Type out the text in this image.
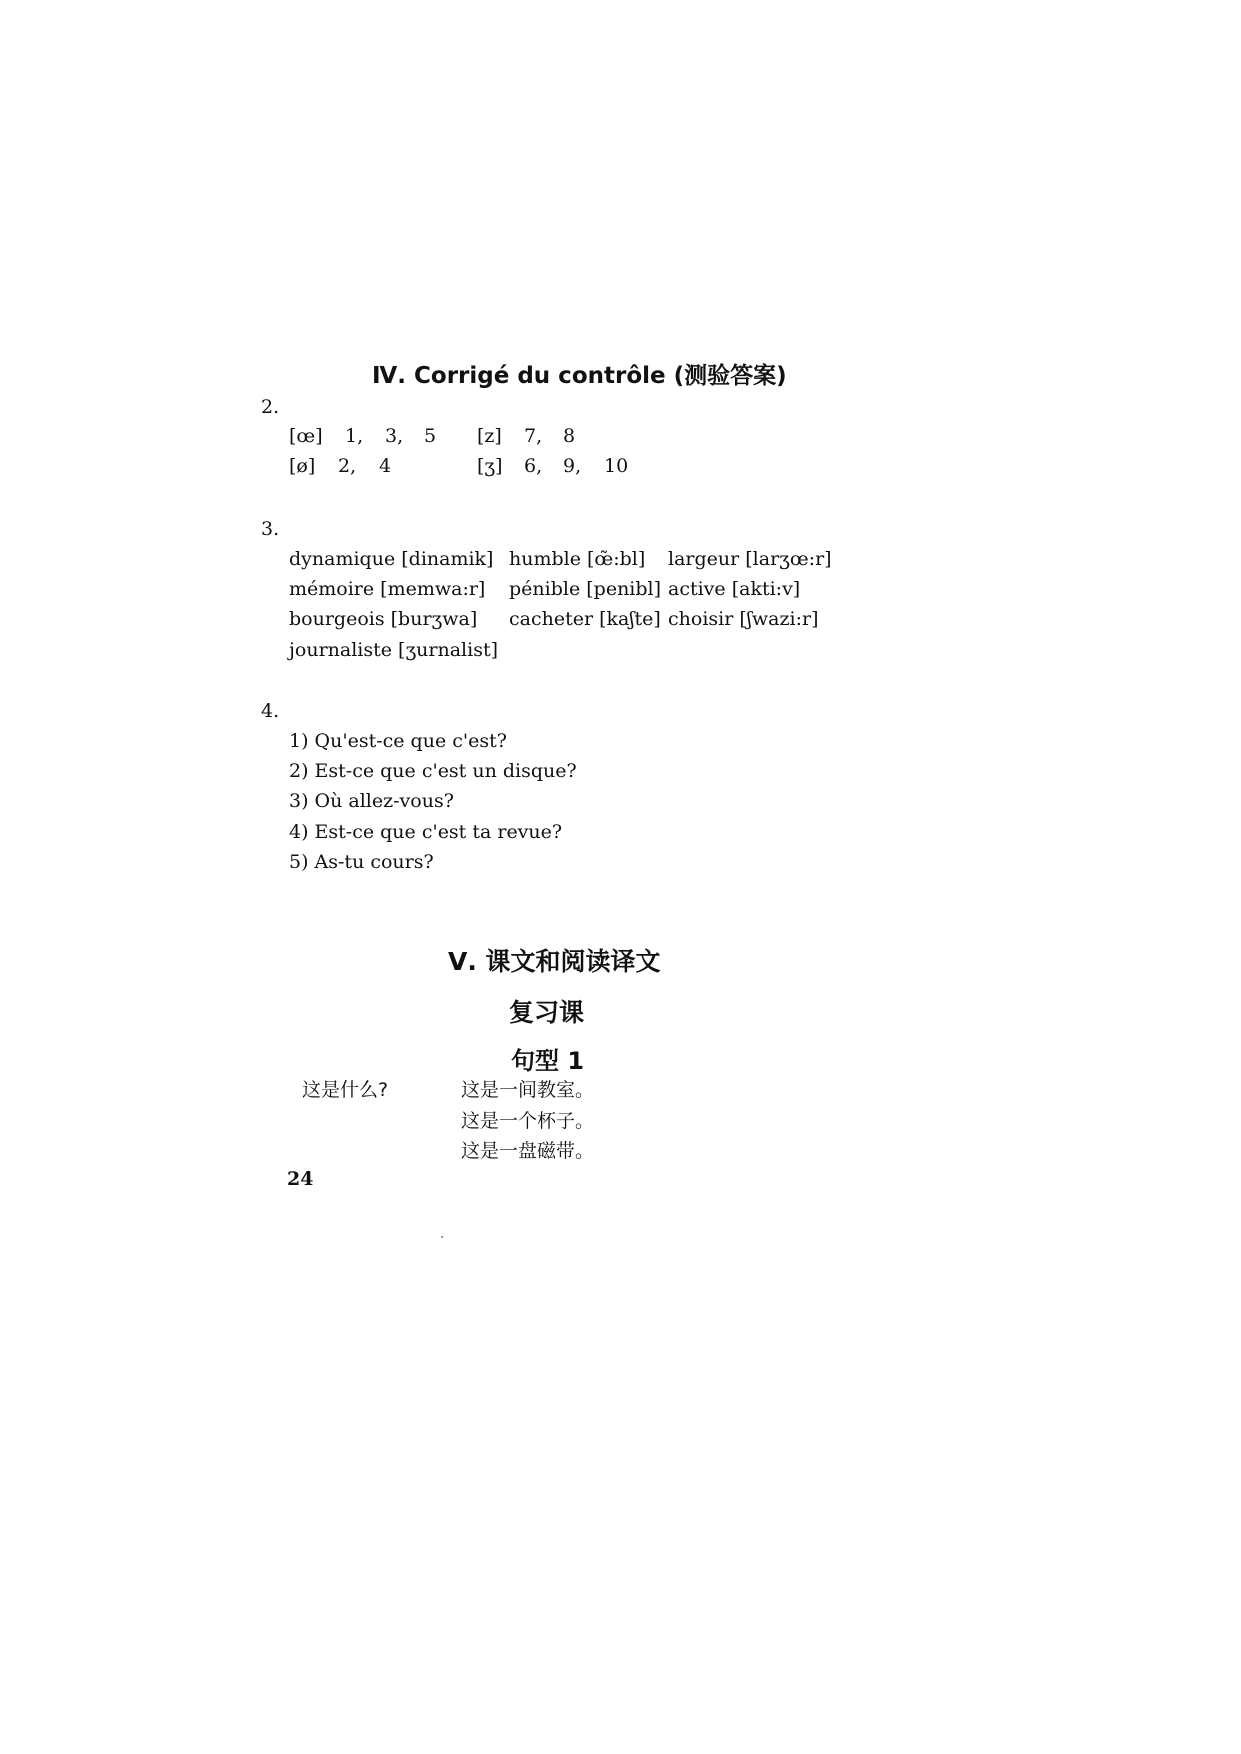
Ⅳ. Corrigé du contrôle (测验答案)
2.
[œ] 1, 3, 5 [z] 7, 8
[ø] 2, 4	[ʒ] 6, 9, 10
3.
dynamique [dinamik] humble [œ̃:bl] largeur [larʒœ:r]
mémoire [memwa:r] pénible [penibl] active [akti:v]
bourgeois [burʒwa] cacheter [kaʃte] choisir [ʃwazi:r]
journaliste [ʒurnalist]
4.
1) Qu'est-ce que c'est?
2) Est-ce que c'est un disque?
3) Où allez-vous?
4) Est-ce que c'est ta revue?
5) As-tu cours?
Ⅴ. 课文和阅读译文
复习课
句型 1
这是什么?	这是一间教室。
这是一个杯子。
这是一盘磁带。
24
